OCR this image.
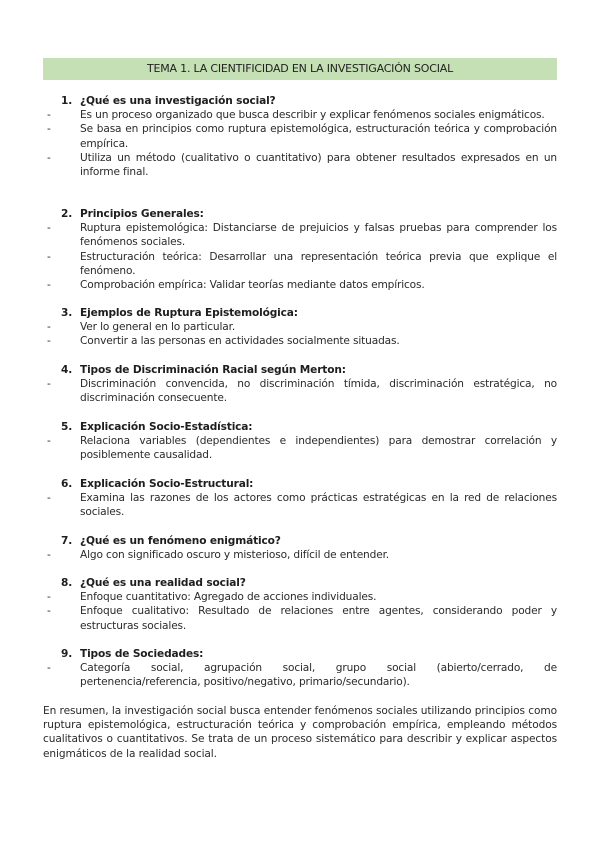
TEMA 1. LA CIENTIFICIDAD EN LA INVESTIGACIÓN SOCIAL
1. ¿Qué es una investigación social?
-	Es un proceso organizado que busca describir y explicar fenómenos sociales enigmáticos.
-	Se basa en principios como ruptura epistemológica, estructuración teórica y comprobación empírica.
-	Utiliza un método (cualitativo o cuantitativo) para obtener resultados expresados en un informe final.
2. Principios Generales:
-	Ruptura epistemológica: Distanciarse de prejuicios y falsas pruebas para comprender los fenómenos sociales.
-	Estructuración teórica: Desarrollar una representación teórica previa que explique el fenómeno.
-	Comprobación empírica: Validar teorías mediante datos empíricos.
3. Ejemplos de Ruptura Epistemológica:
-	Ver lo general en lo particular.
-	Convertir a las personas en actividades socialmente situadas.
4. Tipos de Discriminación Racial según Merton:
-	Discriminación convencida, no discriminación tímida, discriminación estratégica, no discriminación consecuente.
5. Explicación Socio-Estadística:
-	Relaciona variables (dependientes e independientes) para demostrar correlación y posiblemente causalidad.
6. Explicación Socio-Estructural:
-	Examina las razones de los actores como prácticas estratégicas en la red de relaciones sociales.
7. ¿Qué es un fenómeno enigmático?
-	Algo con significado oscuro y misterioso, difícil de entender.
8. ¿Qué es una realidad social?
-	Enfoque cuantitativo: Agregado de acciones individuales.
-	Enfoque cualitativo: Resultado de relaciones entre agentes, considerando poder y estructuras sociales.
9. Tipos de Sociedades:
-	Categoría social, agrupación social, grupo social (abierto/cerrado, de pertenencia/referencia, positivo/negativo, primario/secundario).
En resumen, la investigación social busca entender fenómenos sociales utilizando principios como ruptura epistemológica, estructuración teórica y comprobación empírica, empleando métodos cualitativos o cuantitativos. Se trata de un proceso sistemático para describir y explicar aspectos enigmáticos de la realidad social.
